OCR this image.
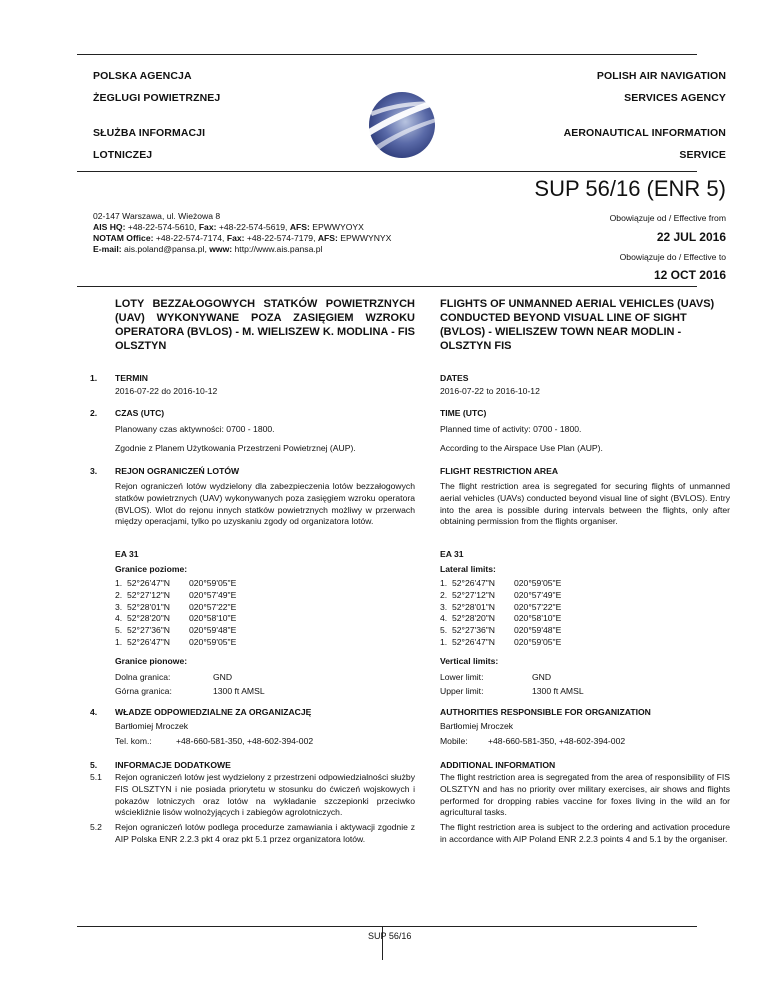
POLSKA AGENCJA
ŻEGLUGI POWIETRZNEJ
SŁUŻBA INFORMACJI
LOTNICZEJ
POLISH AIR NAVIGATION
SERVICES AGENCY
AERONAUTICAL INFORMATION
SERVICE
SUP 56/16 (ENR 5)
02-147 Warszawa, ul. Wieżowa 8
AIS HQ: +48-22-574-5610, Fax: +48-22-574-5619, AFS: EPWWYOYX
NOTAM Office: +48-22-574-7174, Fax: +48-22-574-7179, AFS: EPWWYNYX
E-mail: ais.poland@pansa.pl, www: http://www.ais.pansa.pl
Obowiązuje od / Effective from
22 JUL 2016
Obowiązuje do / Effective to
12 OCT 2016
LOTY BEZZAŁOGOWYCH STATKÓW POWIETRZNYCH (UAV) WYKONYWANE POZA ZASIĘGIEM WZROKU OPERATORA (BVLOS) - M. WIELISZEW K. MODLINA - FIS OLSZTYN
FLIGHTS OF UNMANNED AERIAL VEHICLES (UAVS) CONDUCTED BEYOND VISUAL LINE OF SIGHT (BVLOS) - WIELISZEW TOWN NEAR MODLIN - OLSZTYN FIS
1. TERMIN	DATES
2016-07-22 do 2016-10-12	2016-07-22 to 2016-10-12
2. CZAS (UTC)	TIME (UTC)
Planowany czas aktywności: 0700 - 1800.	Planned time of activity: 0700 - 1800.
Zgodnie z Planem Użytkowania Przestrzeni Powietrznej (AUP).	According to the Airspace Use Plan (AUP).
3. REJON OGRANICZEŃ LOTÓW	FLIGHT RESTRICTION AREA
Rejon ograniczeń lotów wydzielony dla zabezpieczenia lotów bezzałogowych statków powietrznych (UAV) wykonywanych poza zasięgiem wzroku operatora (BVLOS). Wlot do rejonu innych statków powietrznych możliwy w przerwach między operacjami, tylko po uzyskaniu zgody od organizatora lotów.
The flight restriction area is segregated for securing flights of unmanned aerial vehicles (UAVs) conducted beyond visual line of sight (BVLOS). Entry into the area is possible during intervals between the flights, only after obtaining permission from the flights organiser.
EA 31	EA 31
Granice poziome:	Lateral limits:
1. 52°26'47"N 020°59'05"E
2. 52°27'12"N 020°57'49"E
3. 52°28'01"N 020°57'22"E
4. 52°28'20"N 020°58'10"E
5. 52°27'36"N 020°59'48"E
1. 52°26'47"N 020°59'05"E
1. 52°26'47"N 020°59'05"E
2. 52°27'12"N 020°57'49"E
3. 52°28'01"N 020°57'22"E
4. 52°28'20"N 020°58'10"E
5. 52°27'36"N 020°59'48"E
1. 52°26'47"N 020°59'05"E
Granice pionowe:	Vertical limits:
Dolna granica:	GND	Lower limit:	GND
Górna granica:	1300 ft AMSL	Upper limit:	1300 ft AMSL
4. WŁADZE ODPOWIEDZIALNE ZA ORGANIZACJĘ	AUTHORITIES RESPONSIBLE FOR ORGANIZATION
Bartłomiej Mroczek	Bartłomiej Mroczek
Tel. kom.:	+48-660-581-350, +48-602-394-002	Mobile: +48-660-581-350, +48-602-394-002
5. INFORMACJE DODATKOWE	ADDITIONAL INFORMATION
5.1 Rejon ograniczeń lotów jest wydzielony z przestrzeni odpowiedzialności służby FIS OLSZTYN i nie posiada priorytetu w stosunku do ćwiczeń wojskowych i pokazów lotniczych oraz lotów na wykładanie szczepionki przeciwko wściekliźnie lisów wolnożyjących i zabiegów agrolotniczych.
The flight restriction area is segregated from the area of responsibility of FIS OLSZTYN and has no priority over military exercises, air shows and flights performed for dropping rabies vaccine for foxes living in the wild an for agricultural tasks.
5.2 Rejon ograniczeń lotów podlega procedurze zamawiania i aktywacji zgodnie z AIP Polska ENR 2.2.3 pkt 4 oraz pkt 5.1 przez organizatora lotów.
The flight restriction area is subject to the ordering and activation procedure in accordance with AIP Poland ENR 2.2.3 points 4 and 5.1 by the organiser.
SUP 56/16
